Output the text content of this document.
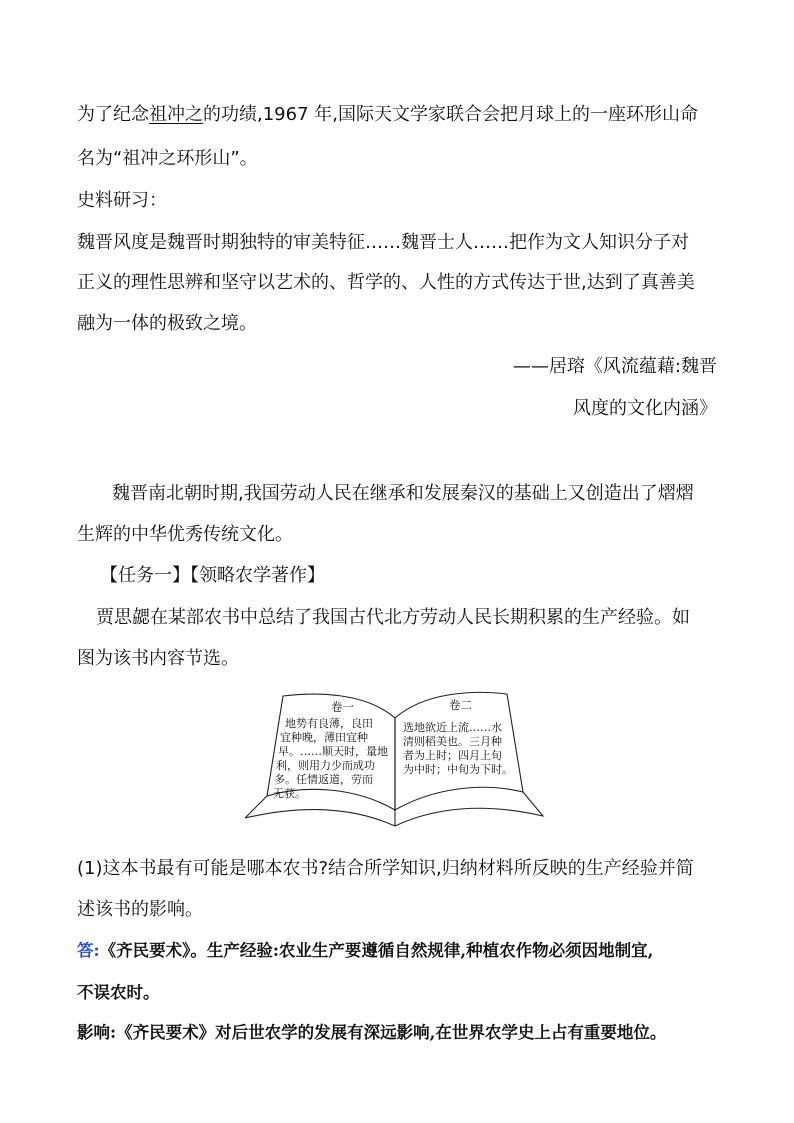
为了纪念祖冲之的功绩,1967 年,国际天文学家联合会把月球上的一座环形山命
名为“祖冲之环形山”。
史料研习：
魏晋风度是魏晋时期独特的审美特征……魏晋士人……把作为文人知识分子对
正义的理性思辨和坚守以艺术的、哲学的、人性的方式传达于世,达到了真善美
融为一体的极致之境。
——居瑢《风流蕴藉:魏晋
风度的文化内涵》
魏晋南北朝时期,我国劳动人民在继承和发展秦汉的基础上又创造出了熠熠
生辉的中华优秀传统文化。
【任务一】【领略农学著作】
贾思勰在某部农书中总结了我国古代北方劳动人民长期积累的生产经验。如
图为该书内容节选。
卷一
地势有良薄，良田
宜种晚，薄田宜种
早。……顺天时，量地
利，则用力少而成功
多。任情返道，劳而
无获。
卷二
选地欲近上流……水
清则稻美也。三月种
者为上时；四月上旬
为中时；中旬为下时。
(1)这本书最有可能是哪本农书?结合所学知识,归纳材料所反映的生产经验并简
述该书的影响。
答:《齐民要术》。生产经验:农业生产要遵循自然规律,种植农作物必须因地制宜,
不误农时。
影响:《齐民要术》对后世农学的发展有深远影响,在世界农学史上占有重要地位。
